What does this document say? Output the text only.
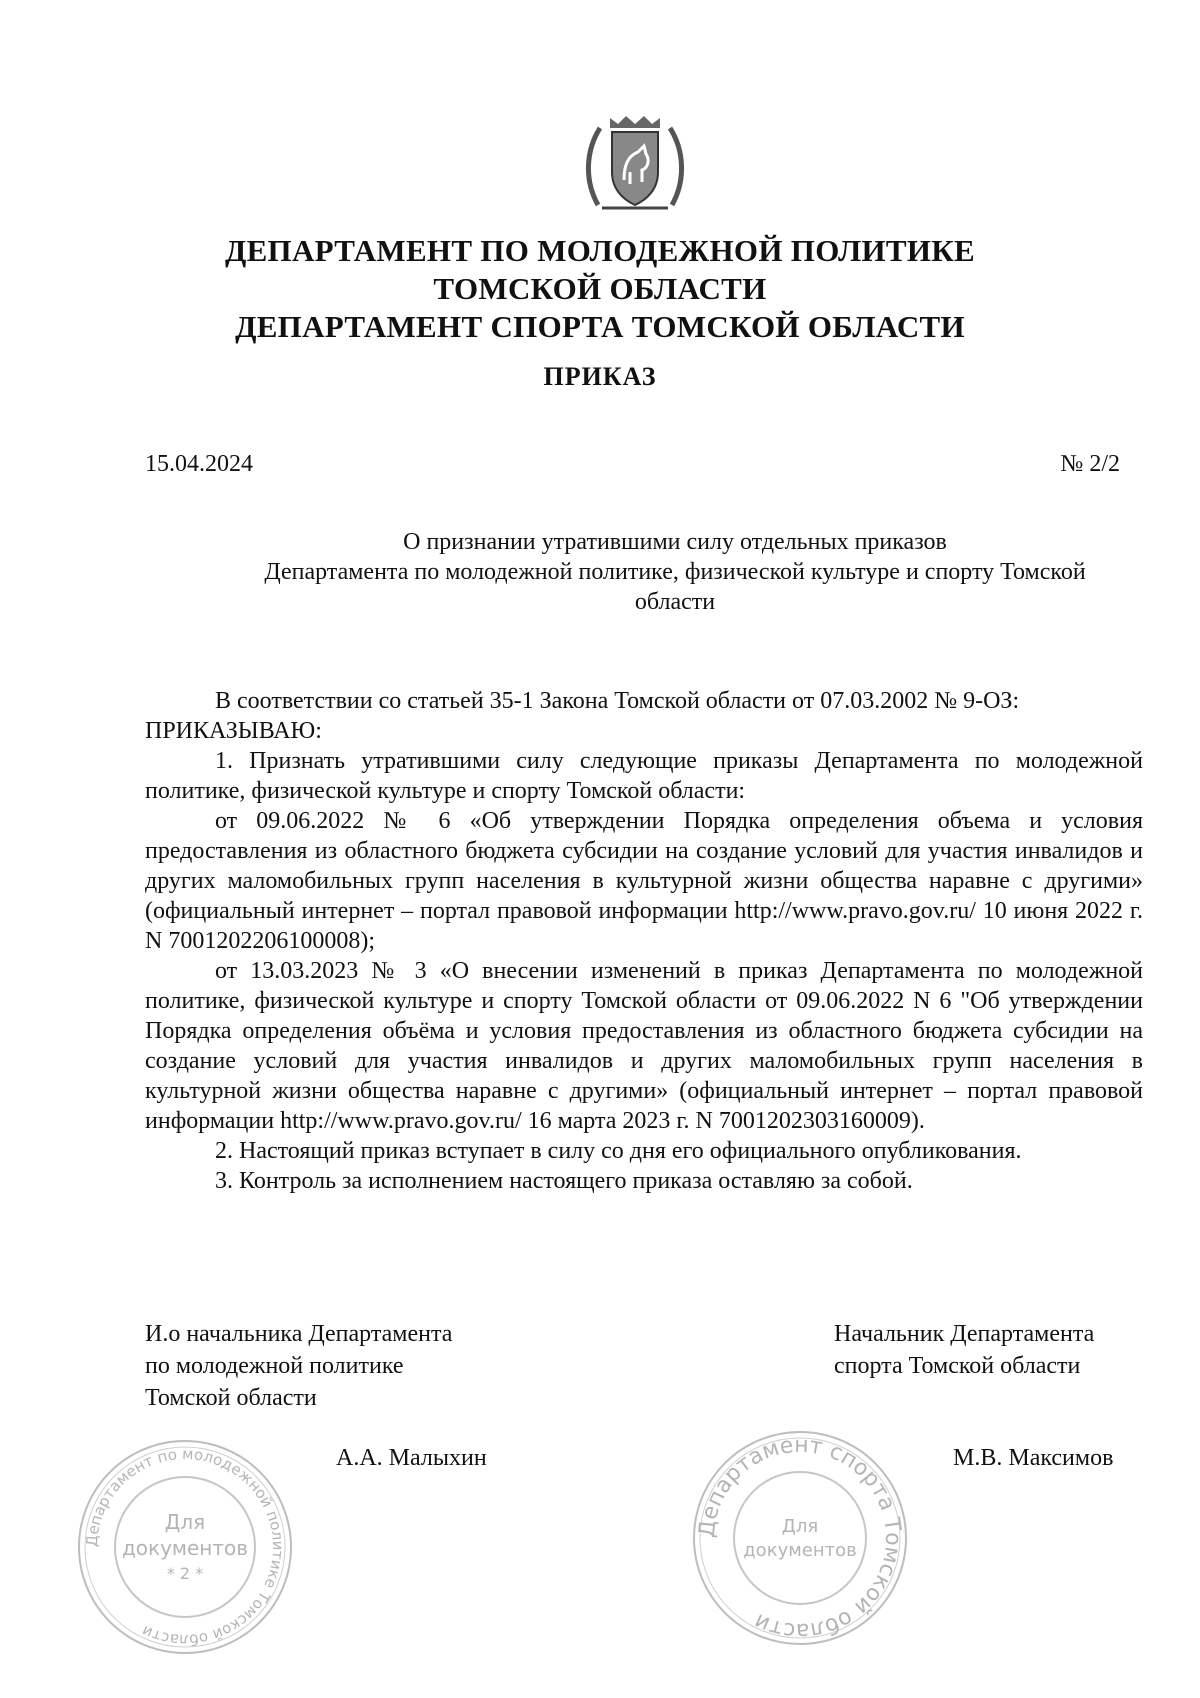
ДЕПАРТАМЕНТ ПО МОЛОДЕЖНОЙ ПОЛИТИКЕ
ТОМСКОЙ ОБЛАСТИ
ДЕПАРТАМЕНТ СПОРТА ТОМСКОЙ ОБЛАСТИ
ПРИКАЗ
15.04.2024	№ 2/2
О признании утратившими силу отдельных приказов
Департамента по молодежной политике, физической культуре и спорту Томской
области

В соответствии со статьей 35-1 Закона Томской области от 07.03.2002 № 9-ОЗ:

ПРИКАЗЫВАЮ:

1. Признать утратившими силу следующие приказы Департамента по молодежной политике, физической культуре и спорту Томской области:

от 09.06.2022 № 6 «Об утверждении Порядка определения объема и условия предоставления из областного бюджета субсидии на создание условий для участия инвалидов и других маломобильных групп населения в культурной жизни общества наравне с другими» (официальный интернет – портал правовой информации http://www.pravo.gov.ru/ 10 июня 2022 г. N 7001202206100008);

от 13.03.2023 № 3 «О внесении изменений в приказ Департамента по молодежной политике, физической культуре и спорту Томской области от 09.06.2022 N 6 "Об утверждении Порядка определения объёма и условия предоставления из областного бюджета субсидии на создание условий для участия инвалидов и других маломобильных групп населения в культурной жизни общества наравне с другими» (официальный интернет – портал правовой информации http://www.pravo.gov.ru/ 16 марта 2023 г. N 7001202303160009).

2. Настоящий приказ вступает в силу со дня его официального опубликования.

3. Контроль за исполнением настоящего приказа оставляю за собой.

И.о начальника Департамента
по молодежной политике
Томской области
А.А. Малыхин
Начальник Департамента
спорта Томской области
М.В. Максимов
Департамент по молодежной политике Томской области
Для
документов
* 2 *
Департамент спорта Томской области
Для
документов
